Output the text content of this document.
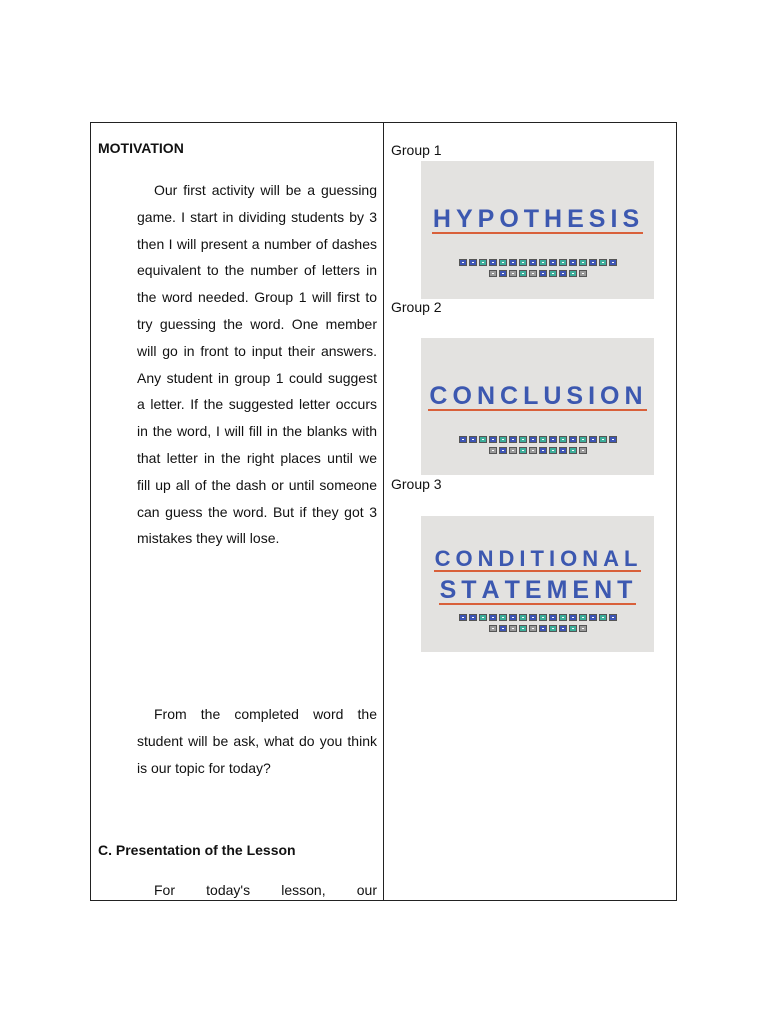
MOTIVATION

Our first activity will be a guessing game. I start in dividing students by 3 then I will present a number of dashes equivalent to the number of letters in the word needed. Group 1 will first to try guessing the word. One member will go in front to input their answers. Any student in group 1 could suggest a letter. If the suggested letter occurs in the word, I will fill in the blanks with that letter in the right places until we fill up all of the dash or until someone can guess the word. But if they got 3 mistakes they will lose.

From the completed word the student will be ask, what do you think is our topic for today?

C. Presentation of the Lesson

For today's lesson, our

Group 1
HYPOTHESIS
Group 2
CONCLUSION
Group 3
CONDITIONAL
STATEMENT
